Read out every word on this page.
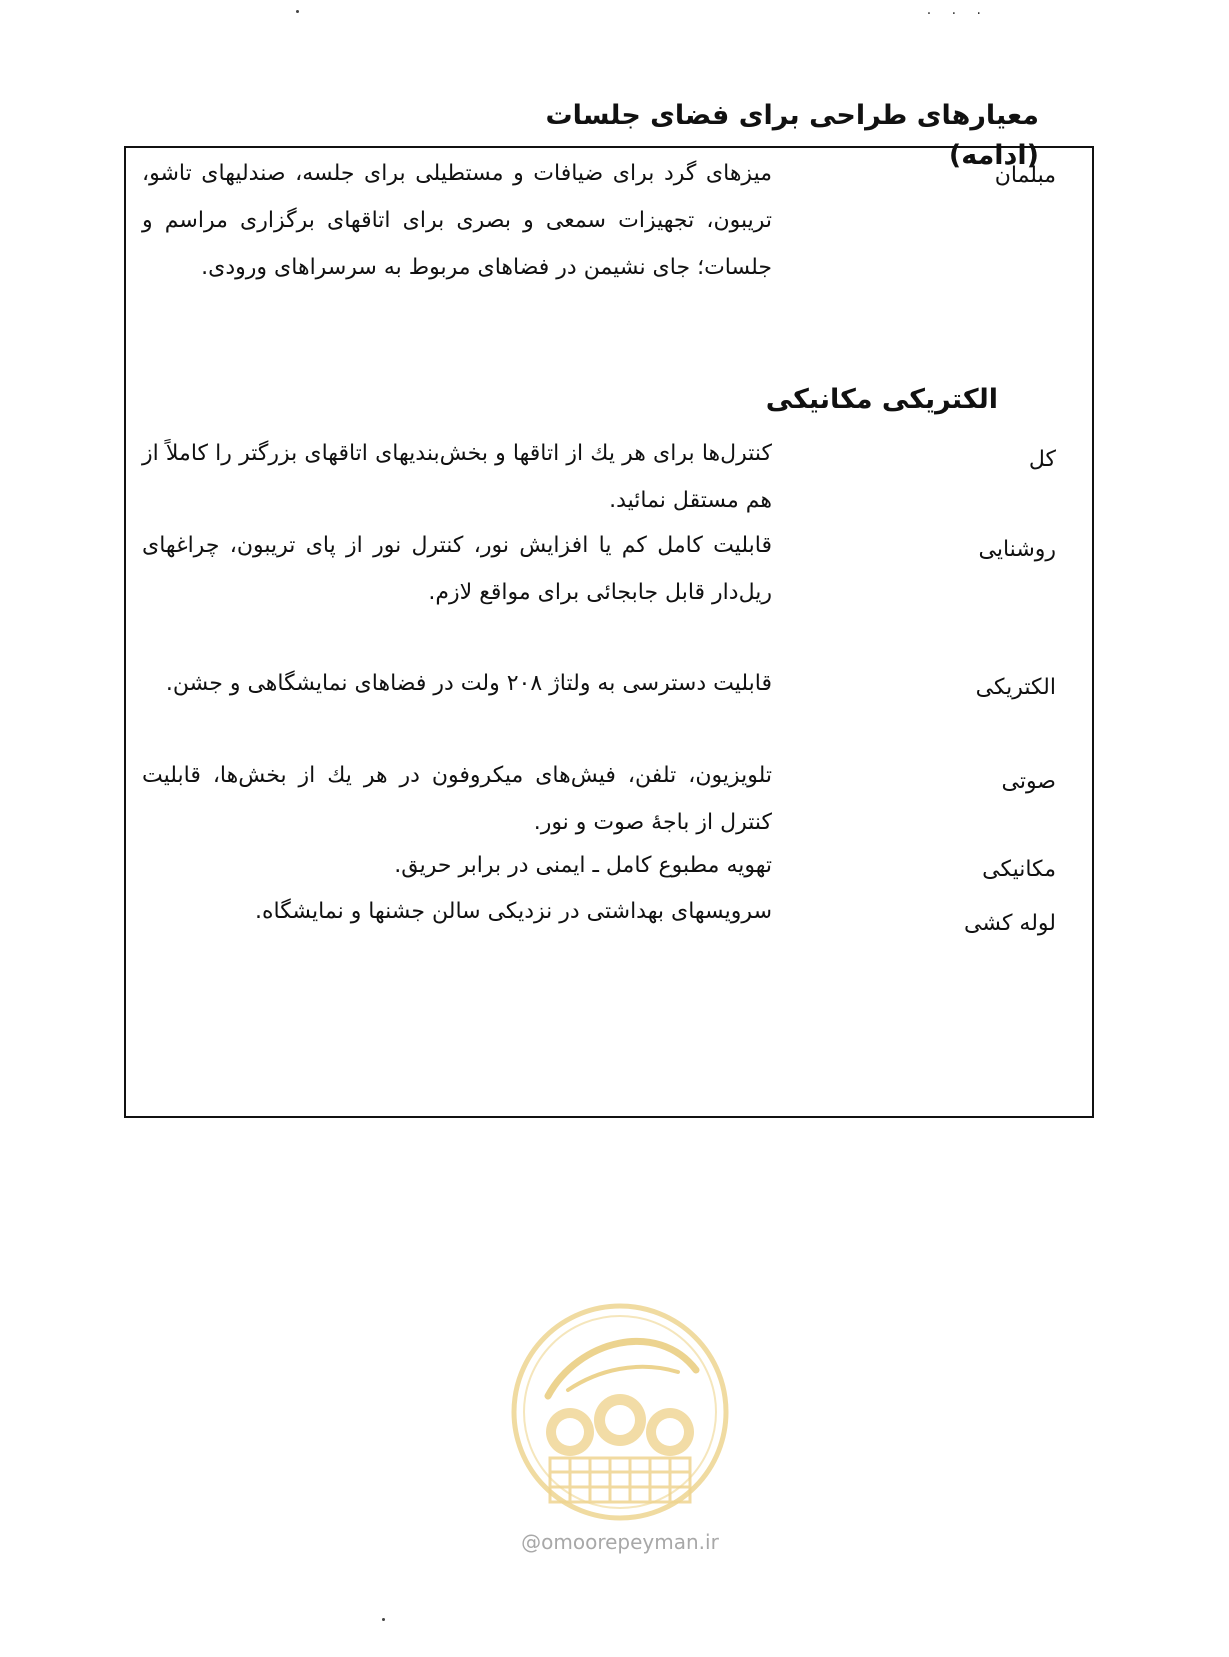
· · ·
معیارهای طراحی برای فضای جلسات (ادامه)
مبلمان
میزهای گرد برای ضیافات و مستطیلی برای جلسه، صندلیهای تاشو، تریبون، تجهیزات سمعی و بصری برای اتاقهای برگزاری مراسم و جلسات؛ جای نشیمن در فضاهای مربوط به سرسراهای ورودی.
الکتریکی مکانیکی
کل
کنترل‌ها برای هر یك از اتاقها و بخش‌بندیهای اتاقهای بزرگتر را کاملاً از هم مستقل نمائید.
روشنایی
قابلیت کامل کم یا افزایش نور، کنترل نور از پای تریبون، چراغهای ریل‌دار قابل جابجائی برای مواقع لازم.
الکتریکی
قابلیت دسترسی به ولتاژ ۲۰۸ ولت در فضاهای نمایشگاهی و جشن.
صوتی
تلویزیون، تلفن، فیش‌های میکروفون در هر یك از بخش‌ها، قابلیت کنترل از باجهٔ صوت و نور.
مکانیکی
تهویه مطبوع کامل ـ ایمنی در برابر حریق.
لوله کشی
سرویسهای بهداشتی در نزدیکی سالن جشنها و نمایشگاه.
@omoorepeyman.ir
